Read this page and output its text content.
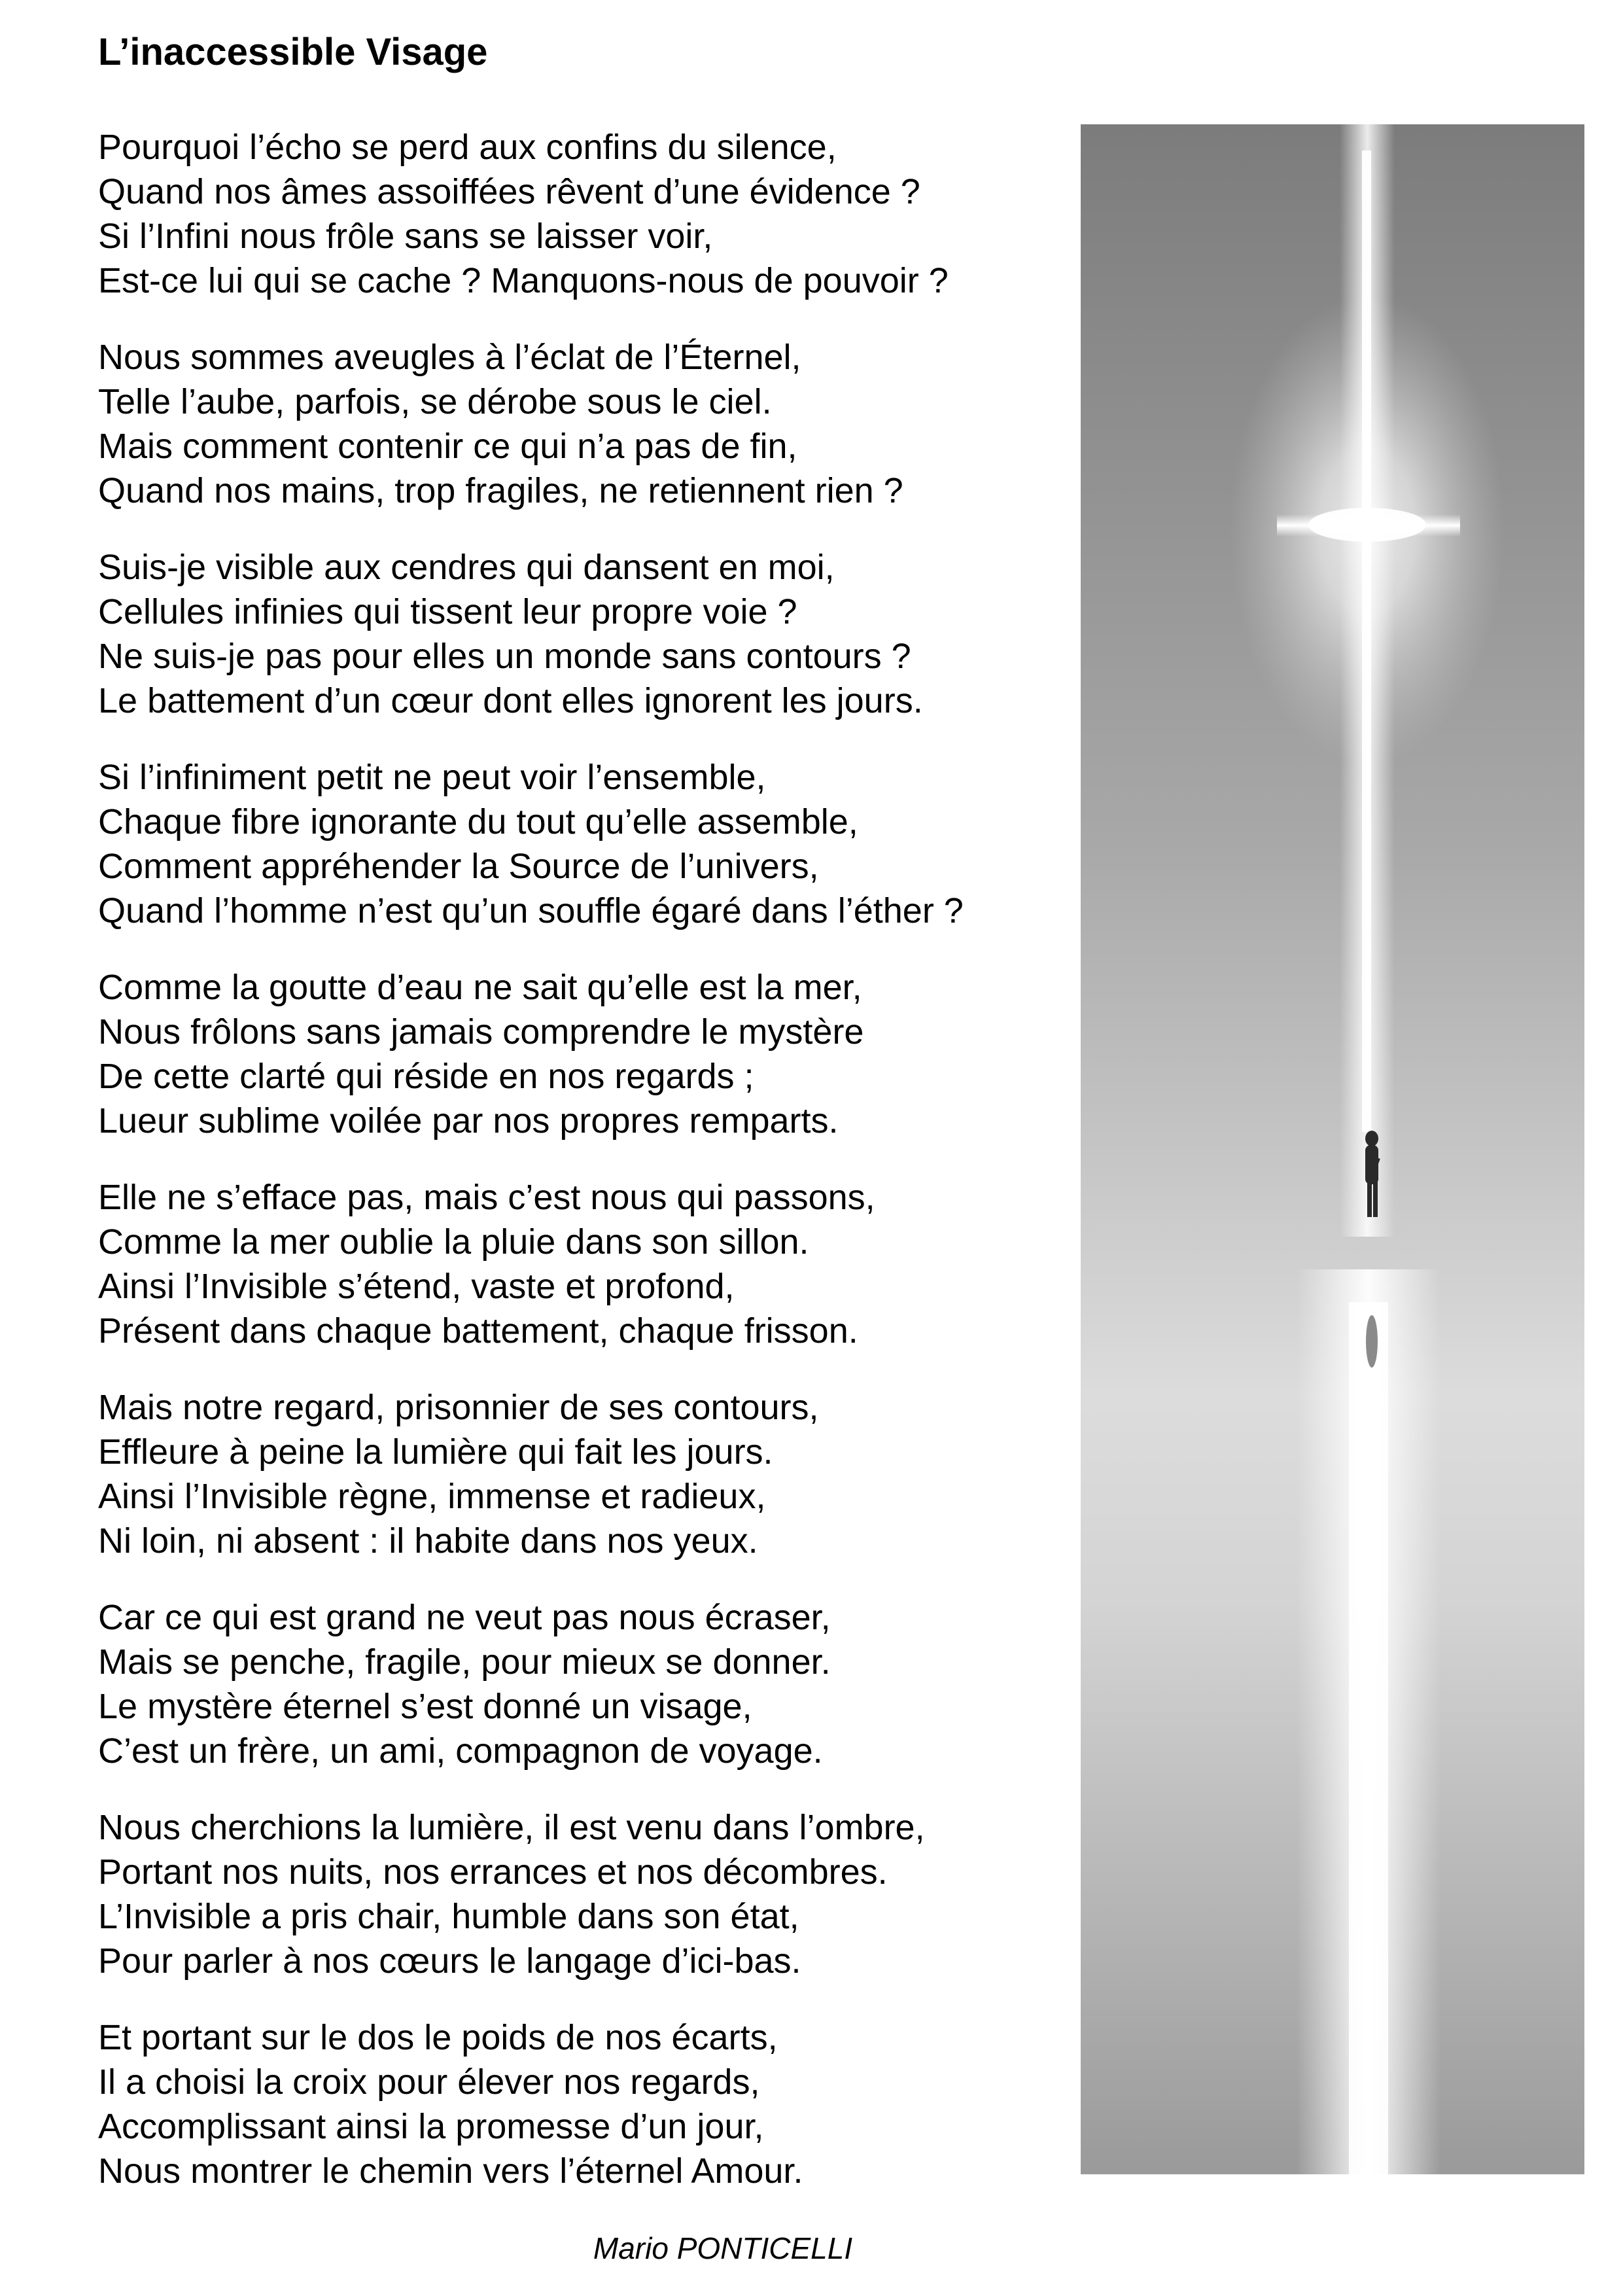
L’inaccessible Visage
Pourquoi l’écho se perd aux confins du silence,
Quand nos âmes assoiffées rêvent d’une évidence ?
Si l’Infini nous frôle sans se laisser voir,
Est-ce lui qui se cache ? Manquons-nous de pouvoir ?
Nous sommes aveugles à l’éclat de l’Éternel,
Telle l’aube, parfois, se dérobe sous le ciel.
Mais comment contenir ce qui n’a pas de fin,
Quand nos mains, trop fragiles, ne retiennent rien ?
Suis-je visible aux cendres qui dansent en moi,
Cellules infinies qui tissent leur propre voie ?
Ne suis-je pas pour elles un monde sans contours ?
Le battement d’un cœur dont elles ignorent les jours.
Si l’infiniment petit ne peut voir l’ensemble,
Chaque fibre ignorante du tout qu’elle assemble,
Comment appréhender la Source de l’univers,
Quand l’homme n’est qu’un souffle égaré dans l’éther ?
Comme la goutte d’eau ne sait qu’elle est la mer,
Nous frôlons sans jamais comprendre le mystère
De cette clarté qui réside en nos regards ;
Lueur sublime voilée par nos propres remparts.
Elle ne s’efface pas, mais c’est nous qui passons,
Comme la mer oublie la pluie dans son sillon.
Ainsi l’Invisible s’étend, vaste et profond,
Présent dans chaque battement, chaque frisson.
Mais notre regard, prisonnier de ses contours,
Effleure à peine la lumière qui fait les jours.
Ainsi l’Invisible règne, immense et radieux,
Ni loin, ni absent : il habite dans nos yeux.
Car ce qui est grand ne veut pas nous écraser,
Mais se penche, fragile, pour mieux se donner.
Le mystère éternel s’est donné un visage,
C’est un frère, un ami, compagnon de voyage.
Nous cherchions la lumière, il est venu dans l’ombre,
Portant nos nuits, nos errances et nos décombres.
L’Invisible a pris chair, humble dans son état,
Pour parler à nos cœurs le langage d’ici-bas.
Et portant sur le dos le poids de nos écarts,
Il a choisi la croix pour élever nos regards,
Accomplissant ainsi la promesse d’un jour,
Nous montrer le chemin vers l’éternel Amour.
Mario PONTICELLI
